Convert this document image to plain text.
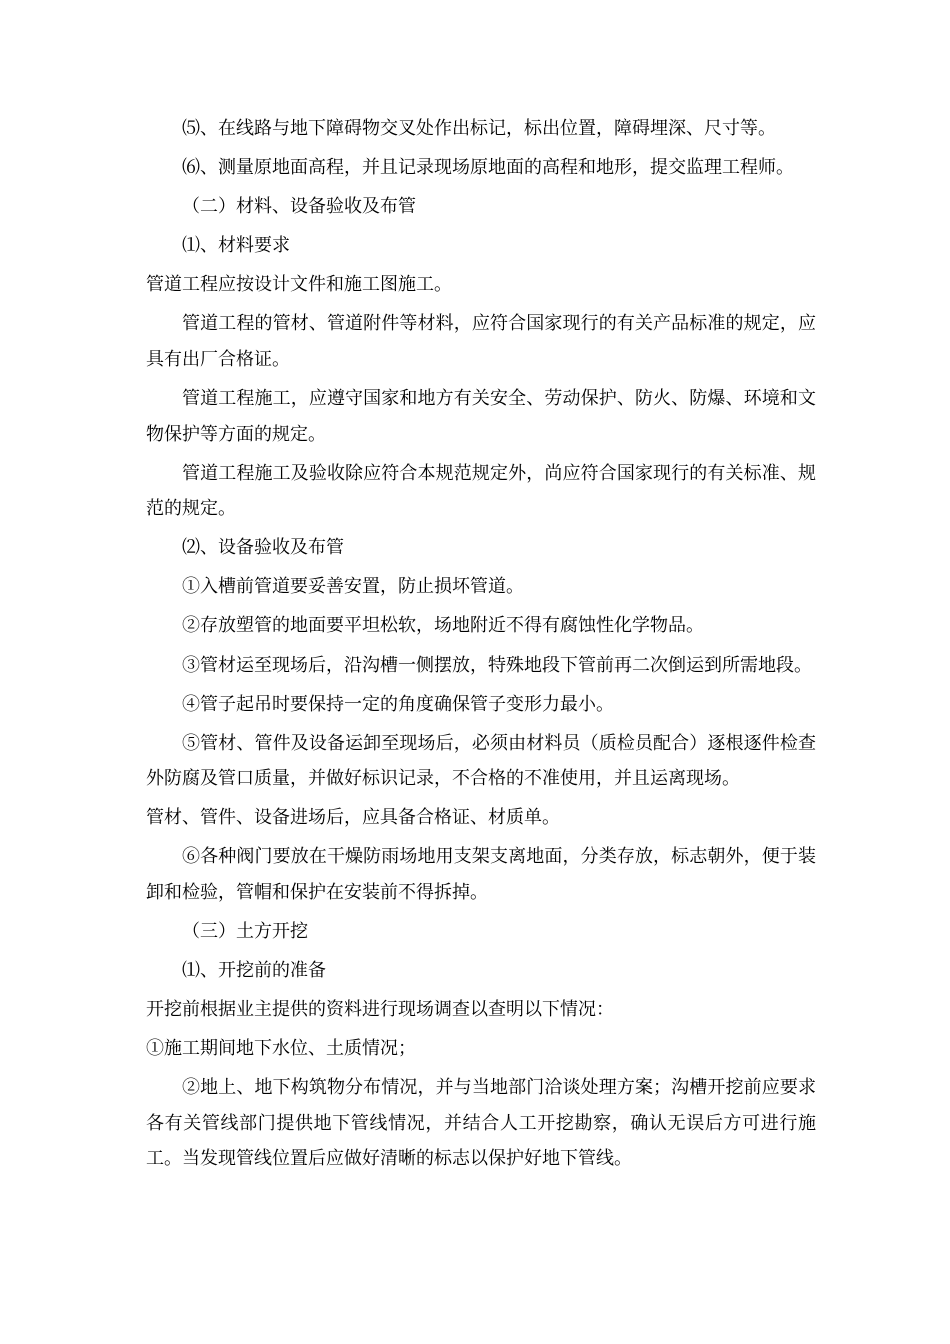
⑸、在线路与地下障碍物交叉处作出标记，标出位置，障碍埋深、尺寸等。

⑹、测量原地面高程，并且记录现场原地面的高程和地形，提交监理工程师。

（二）材料、设备验收及布管

⑴、材料要求

管道工程应按设计文件和施工图施工。

管道工程的管材、管道附件等材料，应符合国家现行的有关产品标准的规定，应具有出厂合格证。

管道工程施工，应遵守国家和地方有关安全、劳动保护、防火、防爆、环境和文物保护等方面的规定。

管道工程施工及验收除应符合本规范规定外，尚应符合国家现行的有关标准、规范的规定。

⑵、设备验收及布管

①入槽前管道要妥善安置，防止损坏管道。

②存放塑管的地面要平坦松软，场地附近不得有腐蚀性化学物品。

③管材运至现场后，沿沟槽一侧摆放，特殊地段下管前再二次倒运到所需地段。

④管子起吊时要保持一定的角度确保管子变形力最小。

⑤管材、管件及设备运卸至现场后，必须由材料员（质检员配合）逐根逐件检查外防腐及管口质量，并做好标识记录，不合格的不准使用，并且运离现场。

管材、管件、设备进场后，应具备合格证、材质单。

⑥各种阀门要放在干燥防雨场地用支架支离地面，分类存放，标志朝外，便于装卸和检验，管帽和保护在安装前不得拆掉。

（三）土方开挖

⑴、开挖前的准备

开挖前根据业主提供的资料进行现场调查以查明以下情况：

①施工期间地下水位、土质情况；

②地上、地下构筑物分布情况，并与当地部门洽谈处理方案；沟槽开挖前应要求各有关管线部门提供地下管线情况，并结合人工开挖勘察，确认无误后方可进行施工。当发现管线位置后应做好清晰的标志以保护好地下管线。
